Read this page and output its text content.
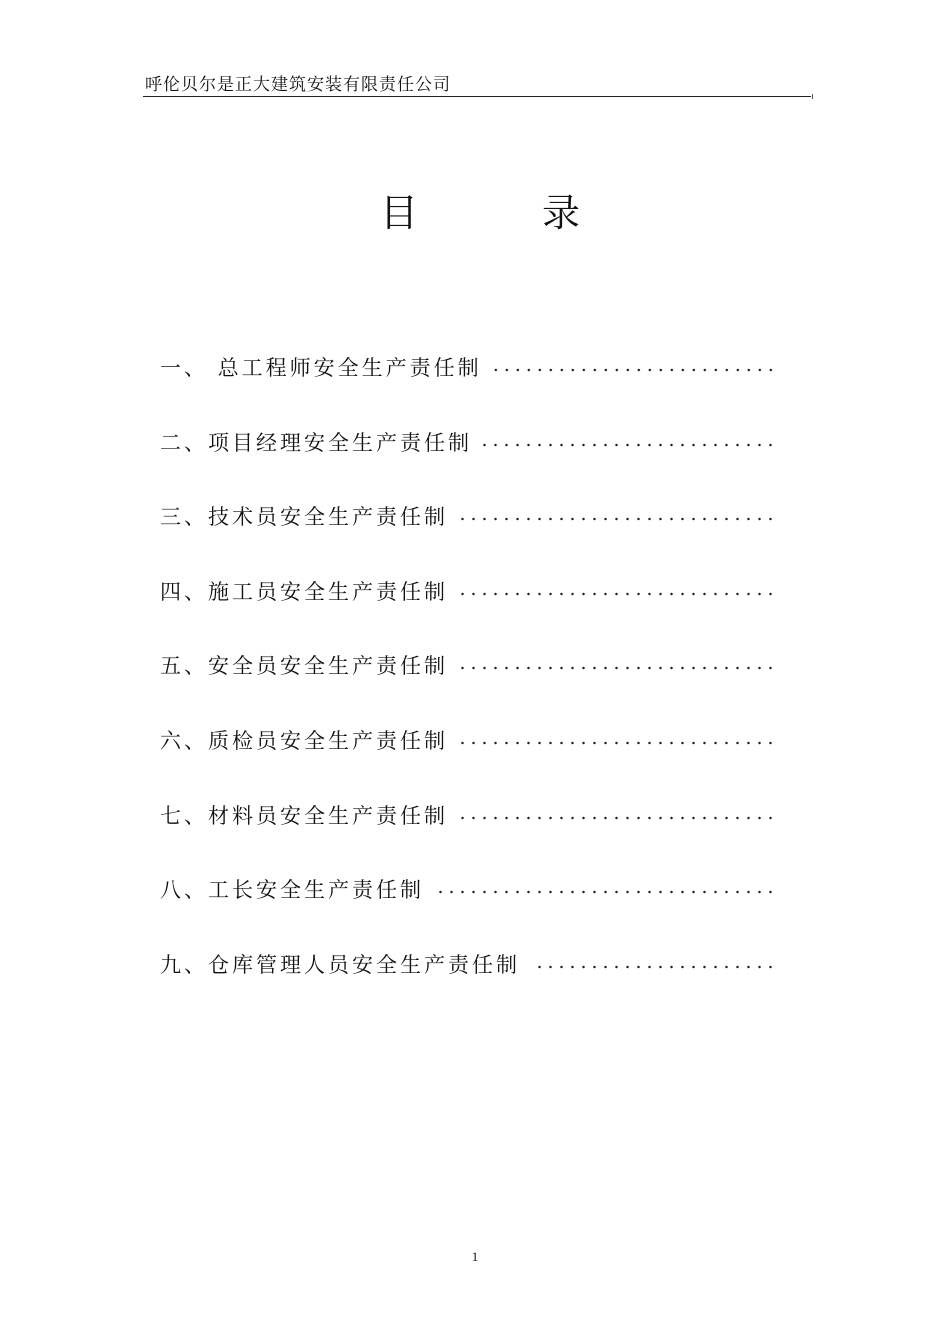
呼伦贝尔是正大建筑安装有限责任公司
目	录
一、 总工程师安全生产责任制
二、项目经理安全生产责任制
三、技术员安全生产责任制
四、施工员安全生产责任制
五、安全员安全生产责任制
六、质检员安全生产责任制
七、材料员安全生产责任制
八、工长安全生产责任制
九、仓库管理人员安全生产责任制
1
